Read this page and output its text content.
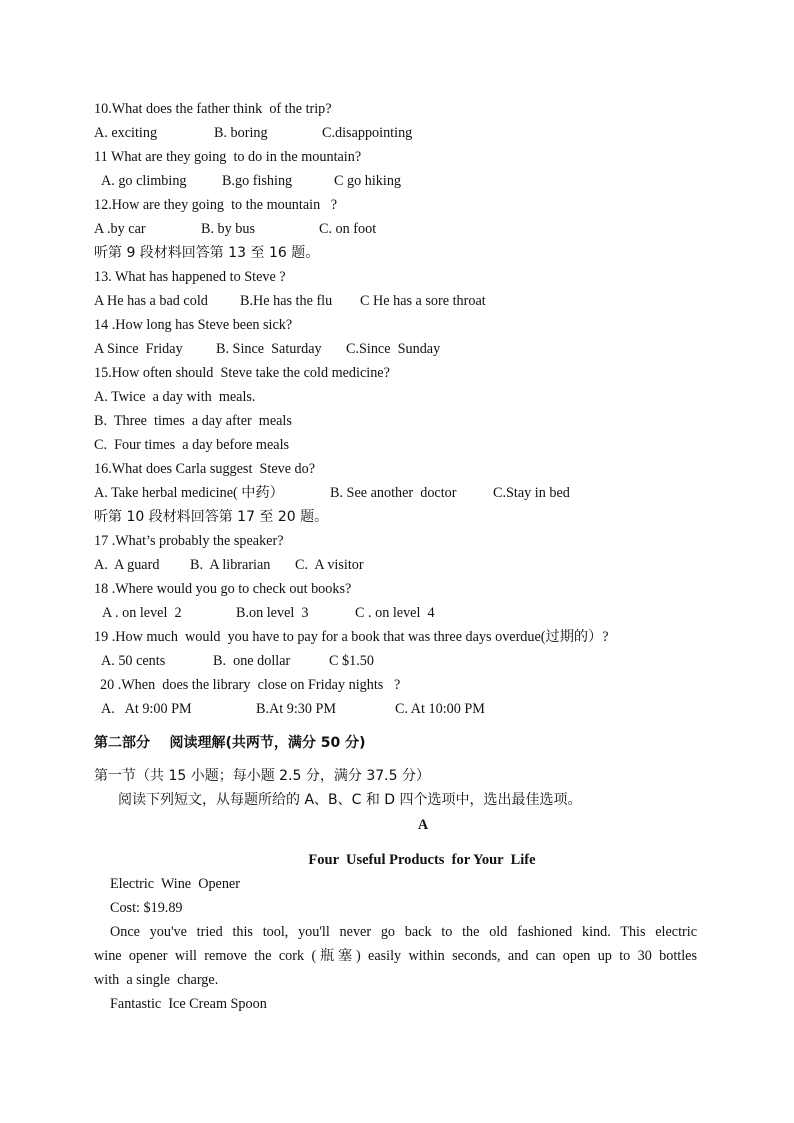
10.What does the father think  of the trip?

A. exciting

	B. boring

	C.disappointing

11 What are they going  to do in the mountain?

A. go climbing

B.go fishing

	C go hiking

12.How are they going  to the mountain   ?

A .by car

	B. by bus

	C. on foot

听第 9 段材料回答第 13 至 16 题。
13. What has happened to Steve ?

A He has a bad cold

B.He has the flu

C He has a sore throat

14 .How long has Steve been sick?

A Since  Friday

B. Since  Saturday

C.Since  Sunday

15.How often should  Steve take the cold medicine?
A. Twice  a day with  meals.
B.  Three  times  a day after  meals
C.  Four times  a day before meals
16.What does Carla suggest  Steve do?

A. Take herbal medicine( 中药）

	B. See another  doctor

	C.Stay in bed

听第 10 段材料回答第 17 至 20 题。
17 .What’s probably the speaker?

A.  A guard

B.  A librarian

C.  A visitor

18 .Where would you go to check out books?

A . on level  2

	B.on level  3

	C . on level  4

19 .How much  would  you have to pay for a book that was three days overdue(过期的）?

A. 50 cents

	B.  one dollar

	C $1.50

20 .When  does the library  close on Friday nights   ?

A.   At 9:00 PM

	B.At 9:30 PM

	C. At 10:00 PM

第二部分    阅读理解(共两节，满分 50 分)
第一节（共 15 小题；每小题 2.5 分，满分 37.5 分）
阅读下列短文，从每题所给的 A、B、C 和 D 四个选项中，选出最佳选项。
A
Four  Useful Products  for Your  Life
Electric  Wine  Opener
Cost: $19.89
Once you've tried this tool, you'll never go back to the old fashioned kind. This electric
wine opener will remove the cork (瓶塞) easily within seconds, and can open up to 30 bottles
with  a single  charge.
Fantastic  Ice Cream Spoon
